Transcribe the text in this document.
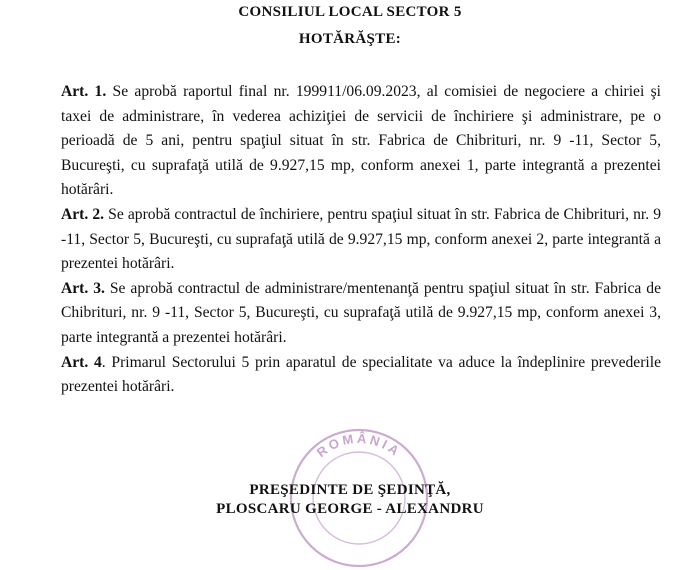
CONSILIUL LOCAL SECTOR 5
HOTĂRĂŞTE:

Art. 1. Se aprobă raportul final nr. 199911/06.09.2023, al comisiei de negociere a chiriei şi taxei de administrare, în vederea achiziţiei de servicii de închiriere şi administrare, pe o perioadă de 5 ani, pentru spaţiul situat în str. Fabrica de Chibrituri, nr. 9 -11, Sector 5, Bucureşti, cu suprafaţă utilă de 9.927,15 mp, conform anexei 1, parte integrantă a prezentei hotărâri.

Art. 2. Se aprobă contractul de închiriere, pentru spaţiul situat în str. Fabrica de Chibrituri, nr. 9 -11, Sector 5, Bucureşti, cu suprafaţă utilă de 9.927,15 mp, conform anexei 2, parte integrantă a prezentei hotărâri.

Art. 3. Se aprobă contractul de administrare/mentenanţă pentru spaţiul situat în str. Fabrica de Chibrituri, nr. 9 -11, Sector 5, Bucureşti, cu suprafaţă utilă de 9.927,15 mp, conform anexei 3, parte integrantă a prezentei hotărâri.

Art. 4. Primarul Sectorului 5 prin aparatul de specialitate va aduce la îndeplinire prevederile prezentei hotărâri.

ROMÂNIA
PREŞEDINTE DE ŞEDINŢĂ,
PLOSCARU GEORGE - ALEXANDRU
